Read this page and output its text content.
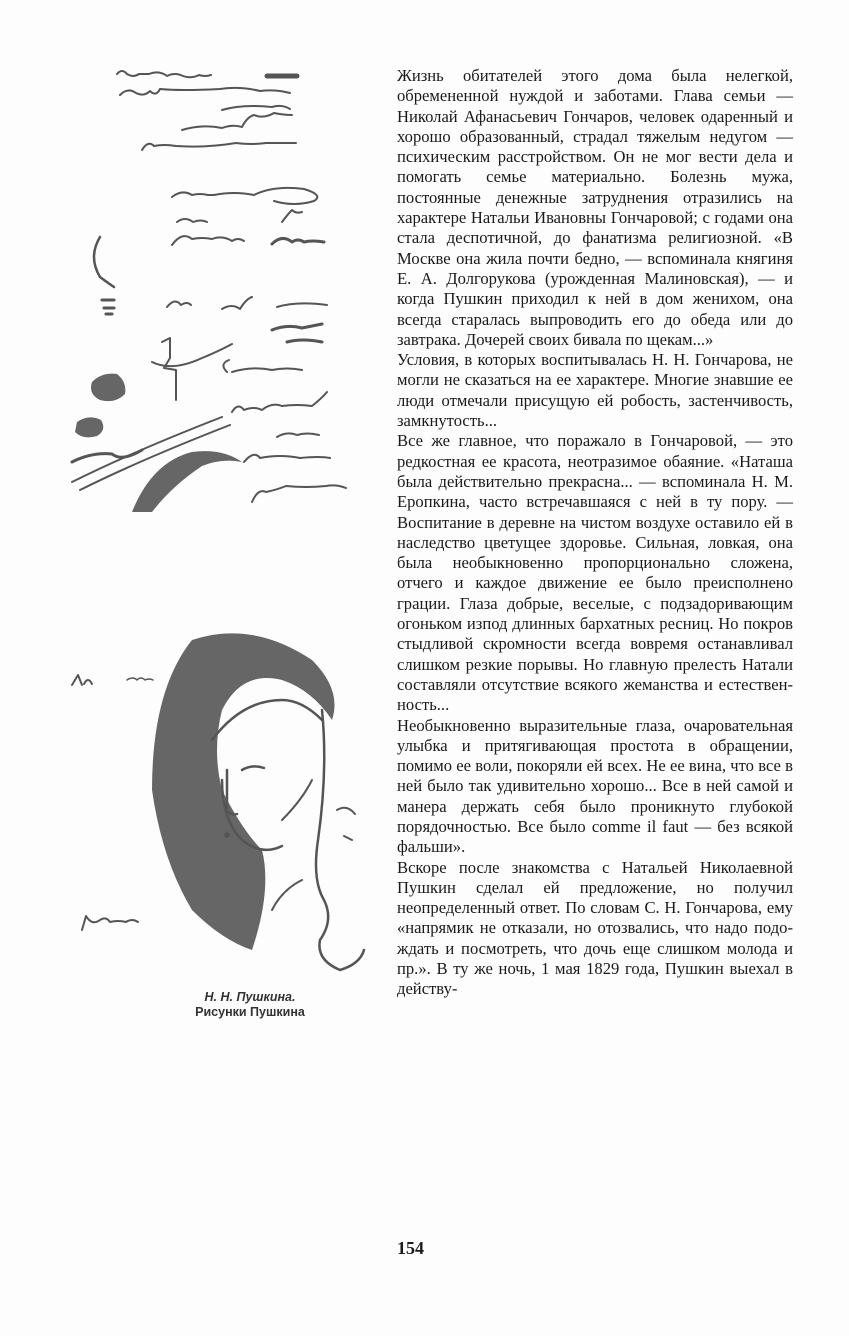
Н. Н. Пушкина.
Рисунки Пушкина

Жизнь обитателей этого дома была нелегкой, обремененной нуждой и заботами. Глава семьи — Николай Афанасьевич Гончаров, человек одаренный и хорошо образованный, страдал тяжелым недугом — психическим расстройством. Он не мог вести дела и помогать семье материально. Болезнь мужа, постоянные денежные затруднения отразились на характере Натальи Ивановны Гончаровой; с годами она стала деспотичной, до фанатизма религиозной. «В Москве она жила почти бедно, — вспоминала княгиня Е. А. Долгорукова (урожденная Малиновская), — и когда Пушкин приходил к ней в дом женихом, она всегда старалась выпроводить его до обеда или до завтрака. Дочерей своих бивала по щекам...»

Условия, в которых воспитывалась Н. Н. Гончарова, не могли не сказаться на ее характере. Многие знавшие ее люди отмечали присущую ей робость, застенчивость, замкнутость...

Все же главное, что поражало в Гончаровой, — это редкостная ее красота, неотразимое обаяние. «Наташа была действительно прекрасна... — вспоминала Н. М. Еропкина, часто встречавшаяся с ней в ту пору. — Воспитание в деревне на чистом воздухе оставило ей в наследство цветущее здоровье. Сильная, ловкая, она была необыкновенно пропорционально сложена, отчего и каждое движение ее было преисполнено грации. Глаза добрые, веселые, с подзадоривающим огоньком изпод длинных бархатных ресниц. Но покров стыдливой скромности всегда вовремя останавливал слишком резкие порывы. Но главную прелесть Натали составляли отсутствие всякого жеманства и естественность...

Необыкновенно выразительные глаза, очаровательная улыбка и притягивающая простота в обращении, помимо ее воли, покоряли ей всех. Не ее вина, что все в ней было так удивительно хорошо... Все в ней самой и манера держать себя было проникнуто глубокой порядочностью. Все было comme il faut — без всякой фальши».

Вскоре после знакомства с Натальей Николаевной Пушкин сделал ей предложение, но получил неопределенный ответ. По словам С. Н. Гончарова, ему «напрямик не отказали, но отозвались, что надо подождать и посмотреть, что дочь еще слишком молода и пр.». В ту же ночь, 1 мая 1829 года, Пушкин выехал в действу-

154
